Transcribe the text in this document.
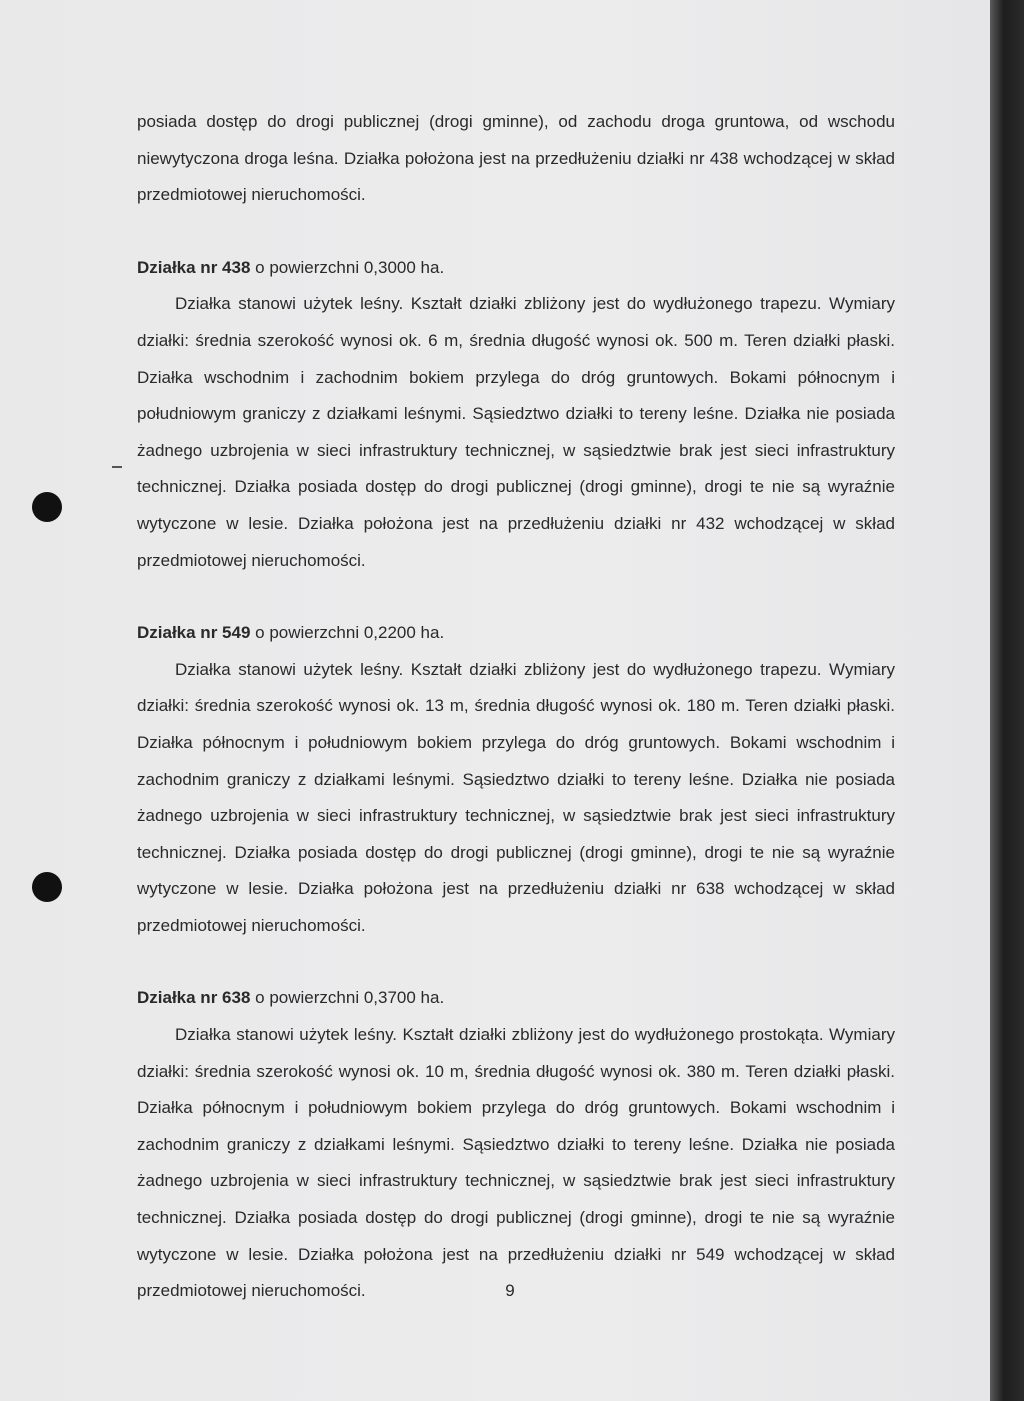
posiada dostęp do drogi publicznej (drogi gminne), od zachodu droga gruntowa, od wschodu niewytyczona droga leśna. Działka położona jest na przedłużeniu działki nr 438 wchodzącej w skład przedmiotowej nieruchomości.

Działka nr 438 o powierzchni 0,3000 ha.

Działka stanowi użytek leśny. Kształt działki zbliżony jest do wydłużonego trapezu. Wymiary działki: średnia szerokość wynosi ok. 6 m, średnia długość wynosi ok. 500 m. Teren działki płaski. Działka wschodnim i zachodnim bokiem przylega do dróg gruntowych. Bokami północnym i południowym graniczy z działkami leśnymi. Sąsiedztwo działki to tereny leśne. Działka nie posiada żadnego uzbrojenia w sieci infrastruktury technicznej, w sąsiedztwie brak jest sieci infrastruktury technicznej. Działka posiada dostęp do drogi publicznej (drogi gminne), drogi te nie są wyraźnie wytyczone w lesie. Działka położona jest na przedłużeniu działki nr 432 wchodzącej w skład przedmiotowej nieruchomości.

Działka nr 549 o powierzchni 0,2200 ha.

Działka stanowi użytek leśny. Kształt działki zbliżony jest do wydłużonego trapezu. Wymiary działki: średnia szerokość wynosi ok. 13 m, średnia długość wynosi ok. 180 m. Teren działki płaski. Działka północnym i południowym bokiem przylega do dróg gruntowych. Bokami wschodnim i zachodnim graniczy z działkami leśnymi. Sąsiedztwo działki to tereny leśne. Działka nie posiada żadnego uzbrojenia w sieci infrastruktury technicznej, w sąsiedztwie brak jest sieci infrastruktury technicznej. Działka posiada dostęp do drogi publicznej (drogi gminne), drogi te nie są wyraźnie wytyczone w lesie. Działka położona jest na przedłużeniu działki nr 638 wchodzącej w skład przedmiotowej nieruchomości.

Działka nr 638 o powierzchni 0,3700 ha.

Działka stanowi użytek leśny. Kształt działki zbliżony jest do wydłużonego prostokąta. Wymiary działki: średnia szerokość wynosi ok. 10 m, średnia długość wynosi ok. 380 m. Teren działki płaski. Działka północnym i południowym bokiem przylega do dróg gruntowych. Bokami wschodnim i zachodnim graniczy z działkami leśnymi. Sąsiedztwo działki to tereny leśne. Działka nie posiada żadnego uzbrojenia w sieci infrastruktury technicznej, w sąsiedztwie brak jest sieci infrastruktury technicznej. Działka posiada dostęp do drogi publicznej (drogi gminne), drogi te nie są wyraźnie wytyczone w lesie. Działka położona jest na przedłużeniu działki nr 549 wchodzącej w skład przedmiotowej nieruchomości.	9
